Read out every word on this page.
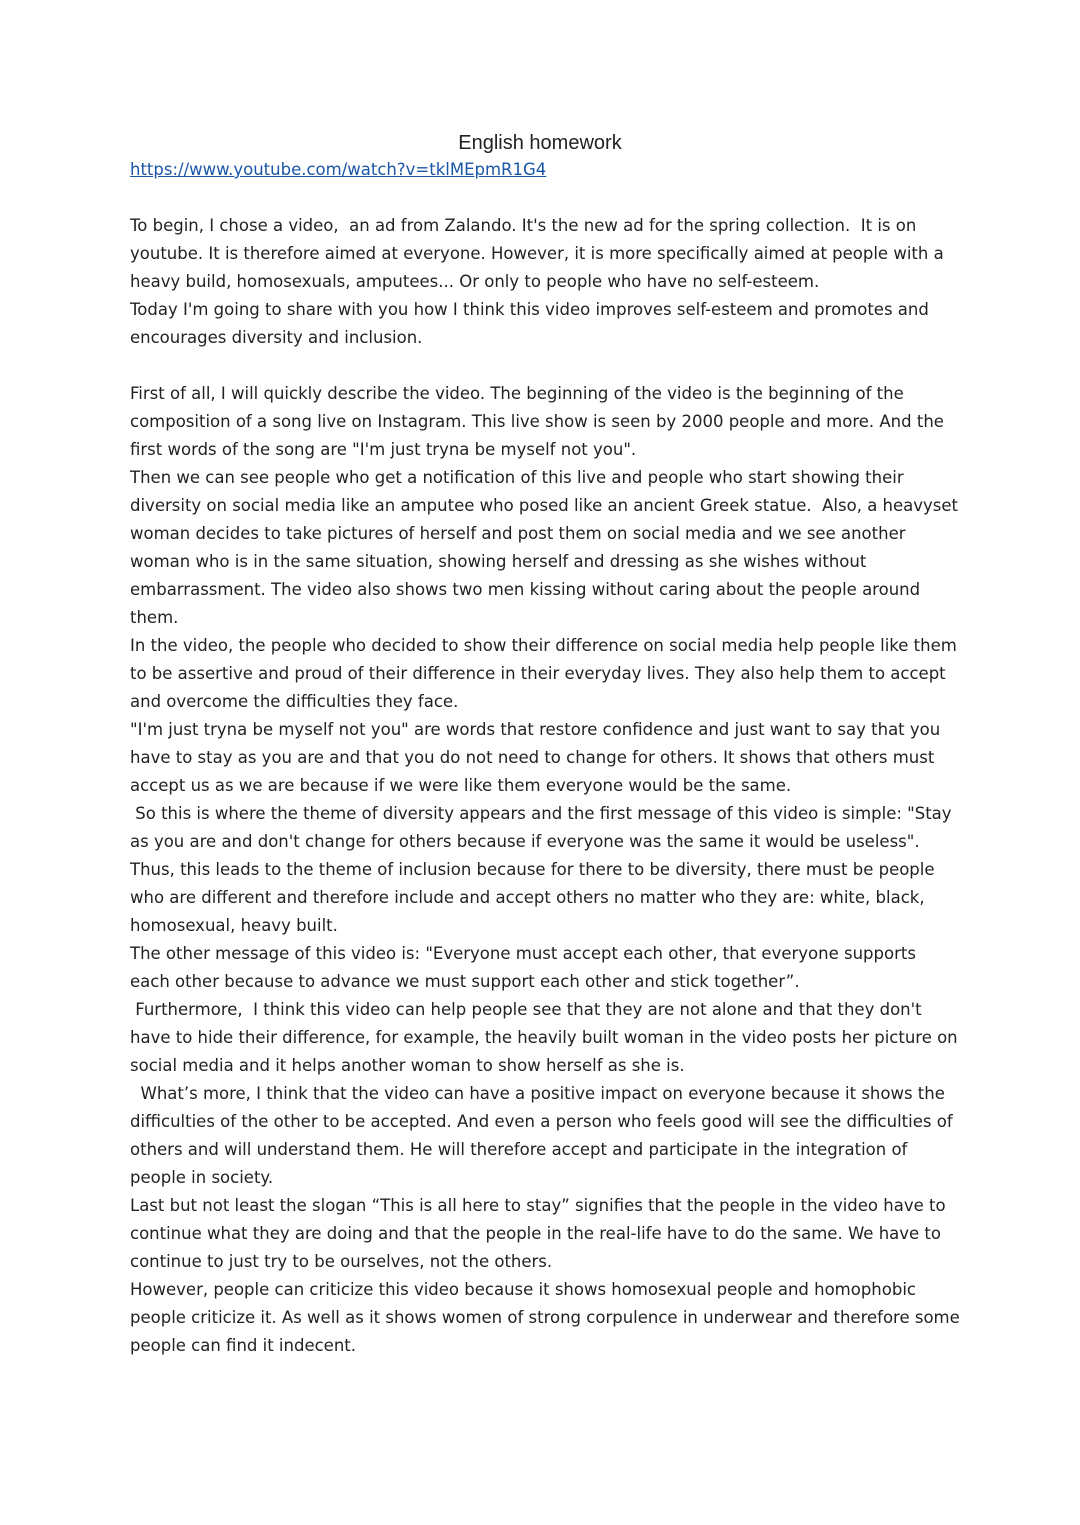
English homework
https://www.youtube.com/watch?v=tklMEpmR1G4

To begin, I chose a video,  an ad from Zalando. It's the new ad for the spring collection.  It is on youtube. It is therefore aimed at everyone. However, it is more specifically aimed at people with a heavy build, homosexuals, amputees... Or only to people who have no self-esteem.

Today I'm going to share with you how I think this video improves self-esteem and promotes and encourages diversity and inclusion.

First of all, I will quickly describe the video. The beginning of the video is the beginning of the composition of a song live on Instagram. This live show is seen by 2000 people and more. And the first words of the song are "I'm just tryna be myself not you".

Then we can see people who get a notification of this live and people who start showing their diversity on social media like an amputee who posed like an ancient Greek statue.  Also, a heavyset woman decides to take pictures of herself and post them on social media and we see another woman who is in the same situation, showing herself and dressing as she wishes without embarrassment. The video also shows two men kissing without caring about the people around them.

In the video, the people who decided to show their difference on social media help people like them to be assertive and proud of their difference in their everyday lives. They also help them to accept and overcome the difficulties they face.

"I'm just tryna be myself not you" are words that restore confidence and just want to say that you have to stay as you are and that you do not need to change for others. It shows that others must accept us as we are because if we were like them everyone would be the same.

So this is where the theme of diversity appears and the first message of this video is simple: "Stay as you are and don't change for others because if everyone was the same it would be useless".

Thus, this leads to the theme of inclusion because for there to be diversity, there must be people who are different and therefore include and accept others no matter who they are: white, black, homosexual, heavy built.

The other message of this video is: "Everyone must accept each other, that everyone supports each other because to advance we must support each other and stick together”.

Furthermore,  I think this video can help people see that they are not alone and that they don't have to hide their difference, for example, the heavily built woman in the video posts her picture on social media and it helps another woman to show herself as she is.

What’s more, I think that the video can have a positive impact on everyone because it shows the difficulties of the other to be accepted. And even a person who feels good will see the difficulties of others and will understand them. He will therefore accept and participate in the integration of people in society.

Last but not least the slogan “This is all here to stay” signifies that the people in the video have to continue what they are doing and that the people in the real-life have to do the same. We have to continue to just try to be ourselves, not the others.

However, people can criticize this video because it shows homosexual people and homophobic people criticize it. As well as it shows women of strong corpulence in underwear and therefore some people can find it indecent.
